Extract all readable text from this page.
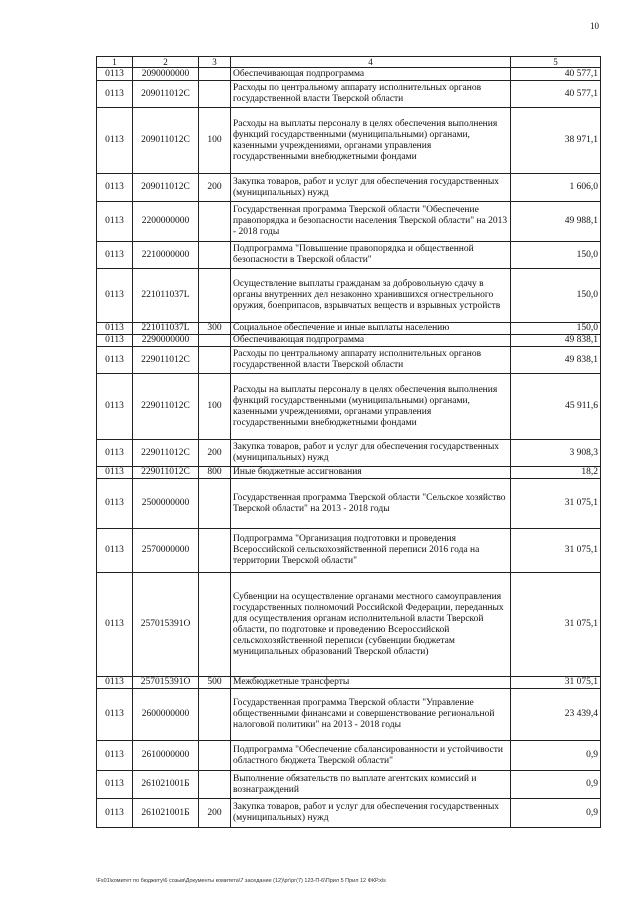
10
1	2	3	4	5
0113	2090000000		Обеспечивающая подпрограмма	40 577,1
0113	209011012С		Расходы по центральному аппарату исполнительных органов государственной власти Тверской области	40 577,1
0113	209011012С	100	Расходы на выплаты персоналу в целях обеспечения выполнения функций государственными (муниципальными) органами, казенными учреждениями, органами управления государственными внебюджетными фондами	38 971,1
0113	209011012С	200	Закупка товаров, работ и услуг для обеспечения государственных (муниципальных) нужд	1 606,0
0113	2200000000		Государственная программа Тверской области "Обеспечение правопорядка и безопасности населения Тверской области" на 2013 - 2018 годы	49 988,1
0113	2210000000		Подпрограмма "Повышение правопорядка и общественной безопасности в Тверской области"	150,0
0113	221011037L		Осуществление выплаты гражданам за добровольную сдачу в органы внутренних дел незаконно хранившихся огнестрельного оружия, боеприпасов, взрывчатых веществ и взрывных устройств	150,0
0113	221011037L	300	Социальное обеспечение и иные выплаты населению	150,0
0113	2290000000		Обеспечивающая подпрограмма	49 838,1
0113	229011012С		Расходы по центральному аппарату исполнительных органов государственной власти Тверской области	49 838,1
0113	229011012С	100	Расходы на выплаты персоналу в целях обеспечения выполнения функций государственными (муниципальными) органами, казенными учреждениями, органами управления государственными внебюджетными фондами	45 911,6
0113	229011012С	200	Закупка товаров, работ и услуг для обеспечения государственных (муниципальных) нужд	3 908,3
0113	229011012С	800	Иные бюджетные ассигнования	18,2
0113	2500000000		Государственная программа Тверской области "Сельское хозяйство Тверской области" на 2013 - 2018 годы	31 075,1
0113	2570000000		Подпрограмма "Организация подготовки и проведения Всероссийской сельскохозяйственной переписи 2016 года на территории Тверской области"	31 075,1
0113	257015391О		Субвенции на осуществление органами местного самоуправления государственных полномочий Российской Федерации, переданных для осуществления органам исполнительной власти Тверской области, по подготовке и проведению Всероссийской сельскохозяйственной переписи (субвенции бюджетам муниципальных образований Тверской области)	31 075,1
0113	257015391О	500	Межбюджетные трансферты	31 075,1
0113	2600000000		Государственная программа Тверской области "Управление общественными финансами и совершенствование региональной налоговой политики" на 2013 - 2018 годы	23 439,4
0113	2610000000		Подпрограмма "Обеспечение сбалансированности и устойчивости областного бюджета Тверской области"	0,9
0113	261021001Б		Выполнение обязательств по выплате агентских комиссий и вознаграждений	0,9
0113	261021001Б	200	Закупка товаров, работ и услуг для обеспечения государственных (муниципальных) нужд	0,9
\Fs01\комитет по бюджету\6 созыв\Документы комитета\7 заседание (12)\рг\рг(7) 123-П-6\Прил 5 Прил 12 ФКР.xls
